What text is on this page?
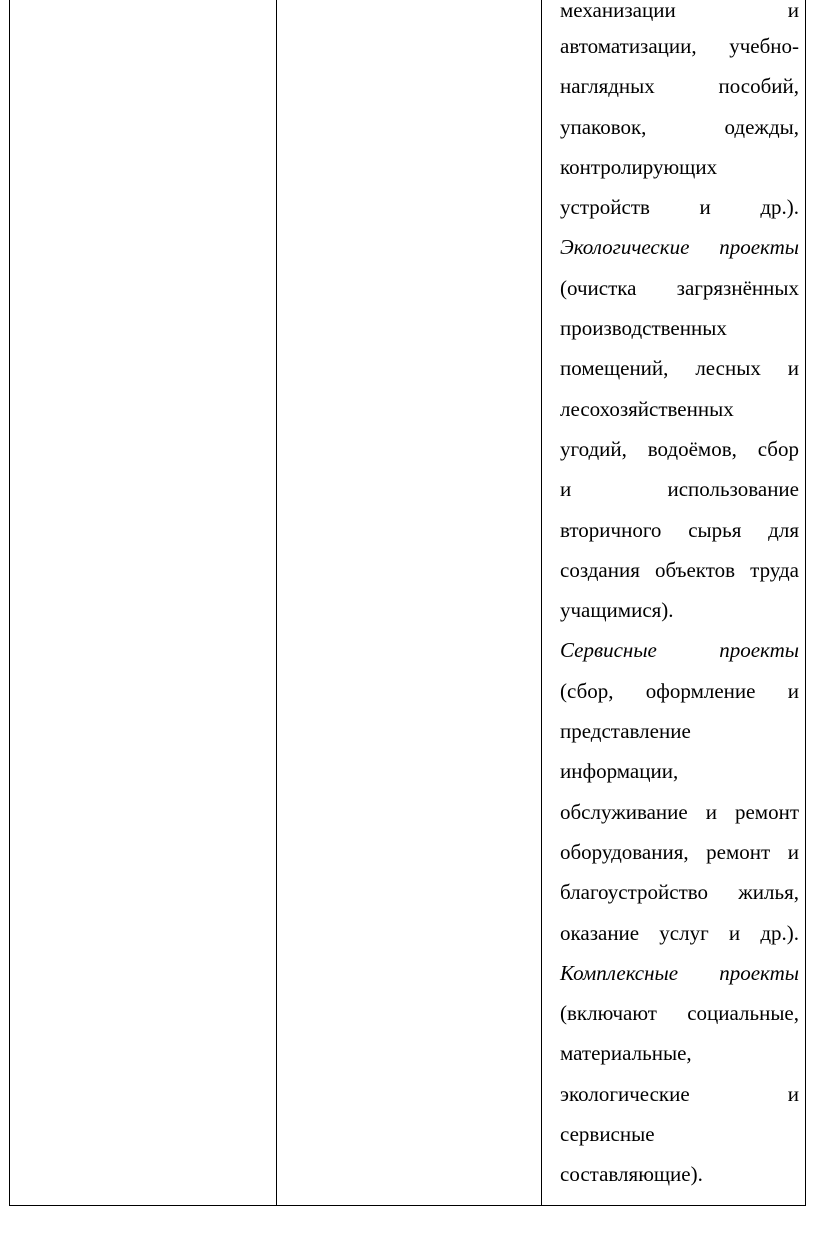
механизации	и
автоматизации, учебно-
наглядных	пособий,
упаковок,	одежды,
контролирующих
устройств и др.).
Экологические проекты
(очистка загрязнённых
производственных
помещений, лесных и
лесохозяйственных
угодий, водоёмов, сбор
и	использование
вторичного сырья для
создания объектов труда
учащимися).
Сервисные	проекты
(сбор, оформление и
представление
информации,
обслуживание и ремонт
оборудования, ремонт и
благоустройство жилья,
оказание услуг и др.).
Комплексные проекты
(включают социальные,
материальные,
экологические	и
сервисные
составляющие).
